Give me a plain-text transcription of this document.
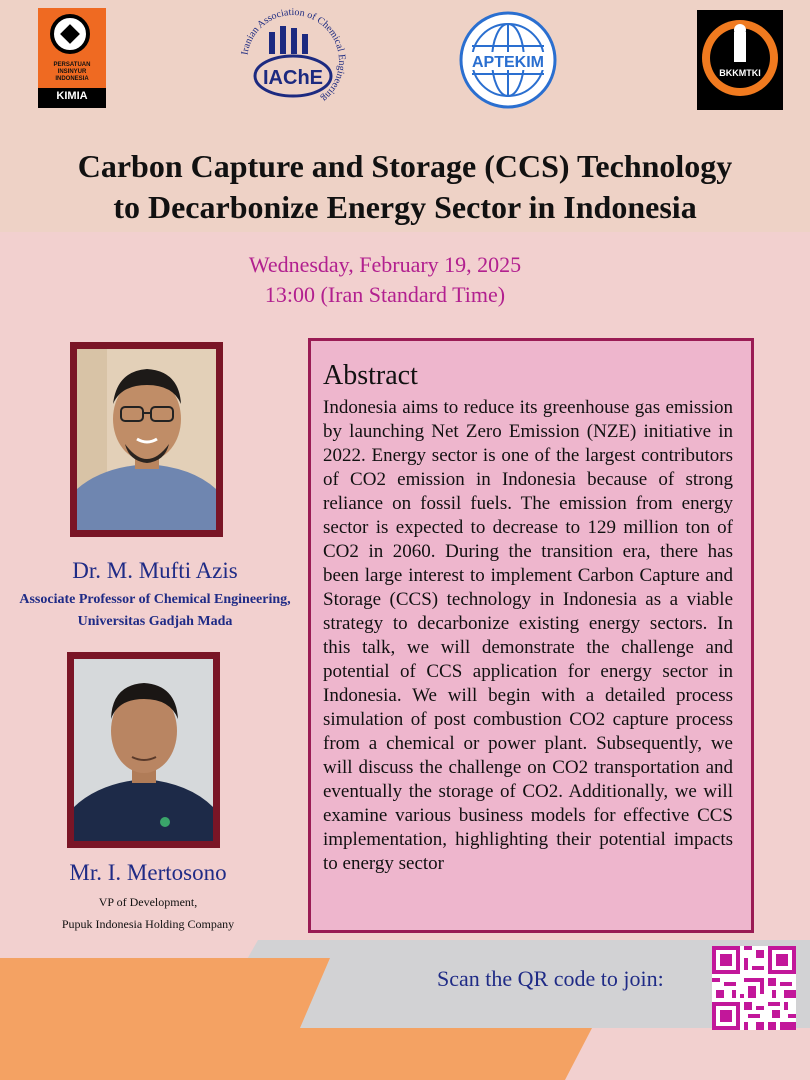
PERSATUAN
INSINYUR
INDONESIA
KIMIA
Iranian Association of Chemical Engineering
IAChE
APTEKIM
BKKMTKI
Carbon Capture and Storage (CCS) Technology
to Decarbonize Energy Sector in Indonesia
Wednesday, February 19, 2025
13:00 (Iran Standard Time)
Dr. M. Mufti Azis
Associate Professor of Chemical Engineering,
Universitas Gadjah Mada
Mr. I. Mertosono
VP of Development,
Pupuk Indonesia Holding Company
Abstract
Indonesia aims to reduce its greenhouse gas emission by launching Net Zero Emission (NZE) initiative in 2022. Energy sector is one of the largest contributors of CO2 emission in Indonesia because of strong reliance on fossil fuels. The emission from energy sector is expected to decrease to 129 million ton of CO2 in 2060. During the transition era, there has been large interest to implement Carbon Capture and Storage (CCS) technology in Indonesia as a viable strategy to decarbonize existing energy sectors. In this talk, we will demonstrate the challenge and potential of CCS application for energy sector in Indonesia. We will begin with a detailed process simulation of post combustion CO2 capture process from a chemical or power plant. Subsequently, we will discuss the challenge on CO2 transportation and eventually the storage of CO2. Additionally, we will examine various business models for effective CCS implementation, highlighting their potential impacts to energy sector
Scan the QR code to join:
